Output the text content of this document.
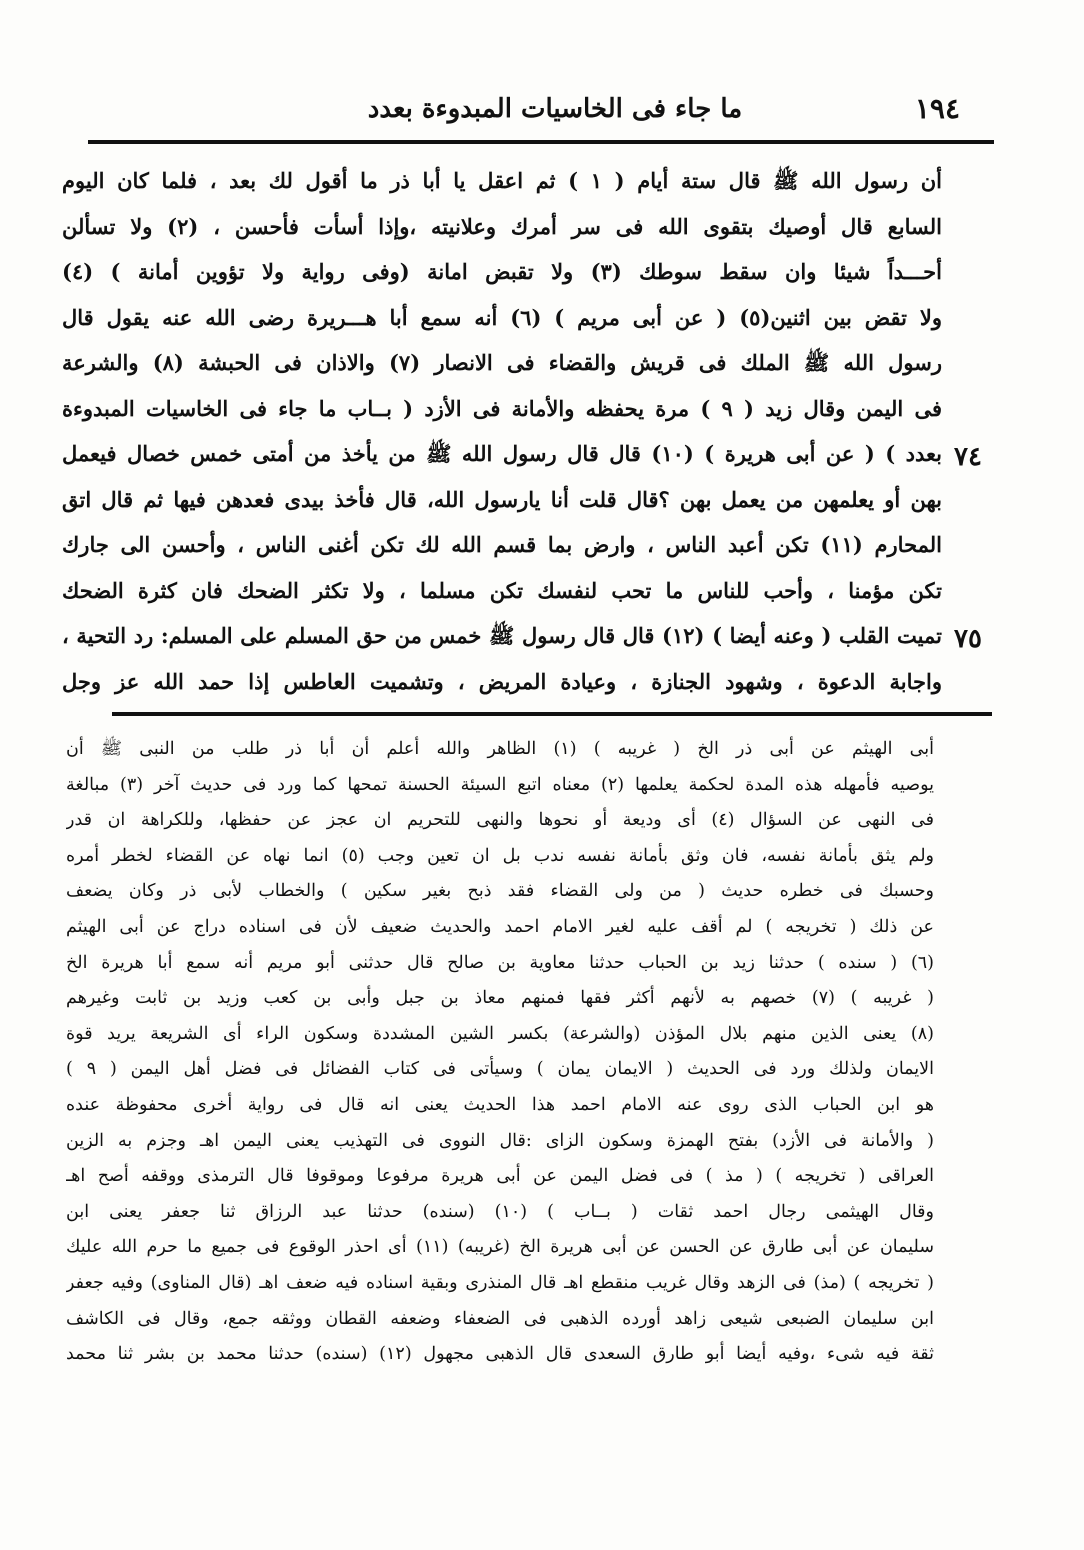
١٩٤
ما جاء فى الخاسيات المبدوءة بعدد
أن رسول الله ﷺ قال ستة أيام ( ١ ) ثم اعقل يا أبا ذر ما أقول لك بعد ، فلما كان اليوم
السابع قال أوصيك بتقوى الله فى سر أمرك وعلانيته ،وإذا أسأت فأحسن ، (٢) ولا تسألن
أحـــداً شيئا وان سقط سوطك (٣) ولا تقبض امانة (وفى رواية ولا تؤوين أمانة ) (٤)
ولا تقض بين اثنين(٥) ( عن أبى مريم ) (٦) أنه سمع أبا هـــريرة رضى الله عنه يقول قال
رسول الله ﷺ الملك فى قريش والقضاء فى الانصار (٧) والاذان فى الحبشة (٨) والشرعة
فى اليمن وقال زيد ( ٩ ) مرة يحفظه والأمانة فى الأزد ( بــاب ما جاء فى الخاسيات المبدوءة
بعدد ) ( عن أبى هريرة ) (١٠) قال قال رسول الله ﷺ من يأخذ من أمتى خمس خصال فيعمل
بهن أو يعلمهن من يعمل بهن ؟قال قلت أنا يارسول الله، قال فأخذ بيدى فعدهن فيها ثم قال اتق
المحارم (١١) تكن أعبد الناس ، وارض بما قسم الله لك تكن أغنى الناس ، وأحسن الى جارك
تكن مؤمنا ، وأحب للناس ما تحب لنفسك تكن مسلما ، ولا تكثر الضحك فان كثرة الضحك
تميت القلب ( وعنه أيضا ) (١٢) قال قال رسول ﷺ خمس من حق المسلم على المسلم: رد التحية ،
واجابة الدعوة ، وشهود الجنازة ، وعيادة المريض ، وتشميت العاطس إذا حمد الله عز وجل
٧٤
٧٥
أبى الهيثم عن أبى ذر الخ ( غريبه ) (١) الظاهر والله أعلم أن أبا ذر طلب من النبى ﷺ أن
يوصيه فأمهله هذه المدة لحكمة يعلمها (٢) معناه اتبع السيئة الحسنة تمحها كما ورد فى حديث آخر (٣) مبالغة
فى النهى عن السؤال (٤) أى وديعة أو نحوها والنهى للتحريم ان عجز عن حفظها، وللكراهة ان قدر
ولم يثق بأمانة نفسه، فان وثق بأمانة نفسه ندب بل ان تعين وجب (٥) انما نهاه عن القضاء لخطر أمره
وحسبك فى خطره حديث ( من ولى القضاء فقد ذبح بغير سكين ) والخطاب لأبى ذر وكان يضعف
عن ذلك ( تخريجه ) لم أقف عليه لغير الامام احمد والحديث ضعيف لأن فى اسناده دراج عن أبى الهيثم
(٦) ( سنده ) حدثنا زيد بن الحباب حدثنا معاوية بن صالح قال حدثنى أبو مريم أنه سمع أبا هريرة الخ
( غريبه ) (٧) خصهم به لأنهم أكثر فقها فمنهم معاذ بن جبل وأبى بن كعب وزيد بن ثابت وغيرهم
(٨) يعنى الذين منهم بلال المؤذن (والشرعة) بكسر الشين المشددة وسكون الراء أى الشريعة يريد قوة
الايمان ولذلك ورد فى الحديث ( الايمان يمان ) وسيأتى فى كتاب الفضائل فى فضل أهل اليمن ( ٩ )
هو ابن الحباب الذى روى عنه الامام احمد هذا الحديث يعنى انه قال فى رواية أخرى محفوظة عنده
( والأمانة فى الأزد) بفتح الهمزة وسكون الزاى :قال النووى فى التهذيب يعنى اليمن اهـ وجزم به الزين
العراقى ( تخريجه ) ( مذ ) فى فضل اليمن عن أبى هريرة مرفوعا وموقوفا قال الترمذى ووقفه أصح اهـ
وقال الهيثمى رجال احمد ثقات ( بــاب ) (١٠) (سنده) حدثنا عبد الرزاق ثنا جعفر يعنى ابن
سليمان عن أبى طارق عن الحسن عن أبى هريرة الخ (غريبه) (١١) أى احذر الوقوع فى جميع ما حرم الله عليك
( تخريجه ) (مذ) فى الزهد وقال غريب منقطع اهـ قال المنذرى وبقية اسناده فيه ضعف اهـ (قال المناوى) وفيه جعفر
ابن سليمان الضبعى شيعى زاهد أورده الذهبى فى الضعفاء وضعفه القطان ووثقه جمع، وقال فى الكاشف
ثقة فيه شىء ،وفيه أيضا أبو طارق السعدى قال الذهبى مجهول (١٢) (سنده) حدثنا محمد بن بشر ثنا محمد
